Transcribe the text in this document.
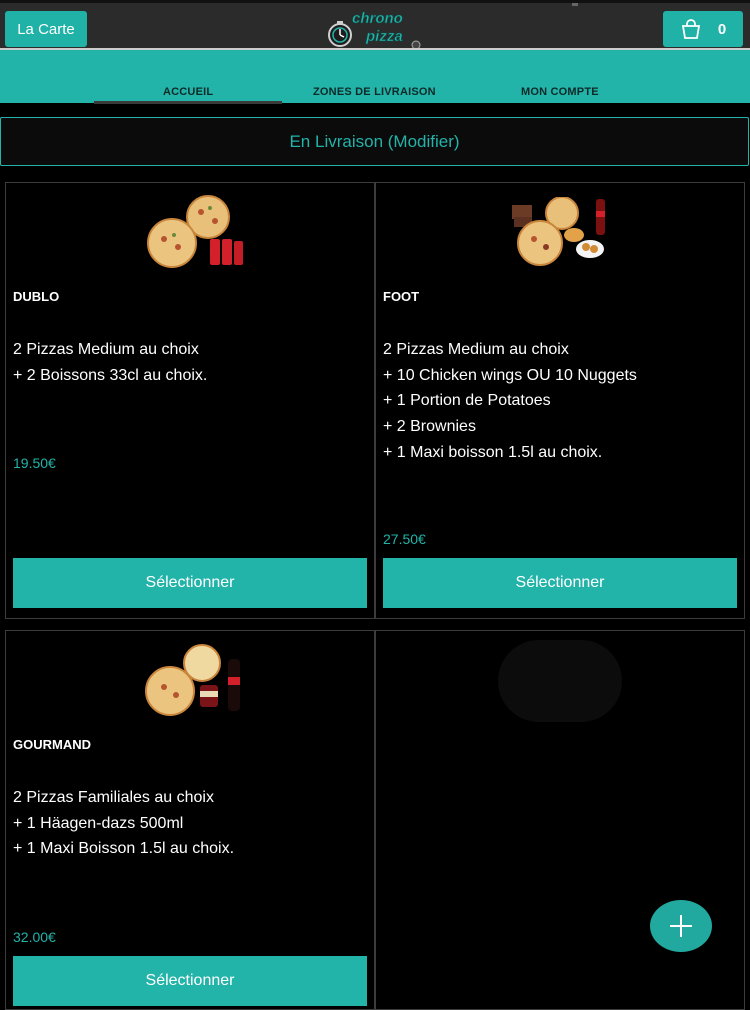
La Carte
chrono
pizza	0
ACCUEIL	ZONES DE LIVRAISON	MON COMPTE
En Livraison (Modifier)
DUBLO
2 Pizzas Medium au choix
+ 2 Boissons 33cl au choix.
19.50€
Sélectionner
FOOT
2 Pizzas Medium au choix
+ 10 Chicken wings OU 10 Nuggets
+ 1 Portion de Potatoes
+ 2 Brownies
+ 1 Maxi boisson 1.5l au choix.
27.50€
Sélectionner
GOURMAND
2 Pizzas Familiales au choix
+ 1 Häagen-dazs 500ml
+ 1 Maxi Boisson 1.5l au choix.
32.00€
Sélectionner
